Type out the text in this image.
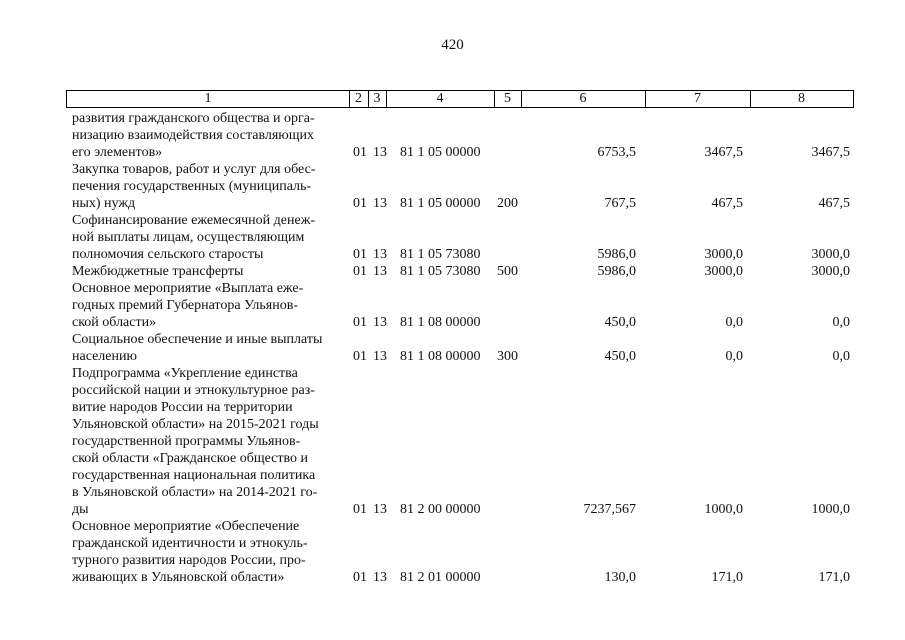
420
1	2 3	4	5	6	7	8
развития гражданского общества и орга-
низацию взаимодействия составляющих
его элементов»	01 13 81 1 05 00000	6753,5	3467,5	3467,5
Закупка товаров, работ и услуг для обес-
печения государственных (муниципаль-
ных) нужд	01 13 81 1 05 00000 200	767,5	467,5	467,5
Софинансирование ежемесячной денеж-
ной выплаты лицам, осуществляющим
полномочия сельского старосты	01 13 81 1 05 73080	5986,0	3000,0	3000,0
Межбюджетные трансферты	01 13 81 1 05 73080 500	5986,0	3000,0	3000,0
Основное мероприятие «Выплата еже-
годных премий Губернатора Ульянов-
ской области»	01 13 81 1 08 00000	450,0	0,0	0,0
Социальное обеспечение и иные выплаты
населению	01 13 81 1 08 00000 300	450,0	0,0	0,0
Подпрограмма «Укрепление единства
российской нации и этнокультурное раз-
витие народов России на территории
Ульяновской области» на 2015-2021 годы
государственной программы Ульянов-
ской области «Гражданское общество и
государственная национальная политика
в Ульяновской области» на 2014-2021 го-
ды	01 13 81 2 00 00000	7237,567	1000,0	1000,0
Основное мероприятие «Обеспечение
гражданской идентичности и этнокуль-
турного развития народов России, про-
живающих в Ульяновской области»	01 13 81 2 01 00000	130,0	171,0	171,0
